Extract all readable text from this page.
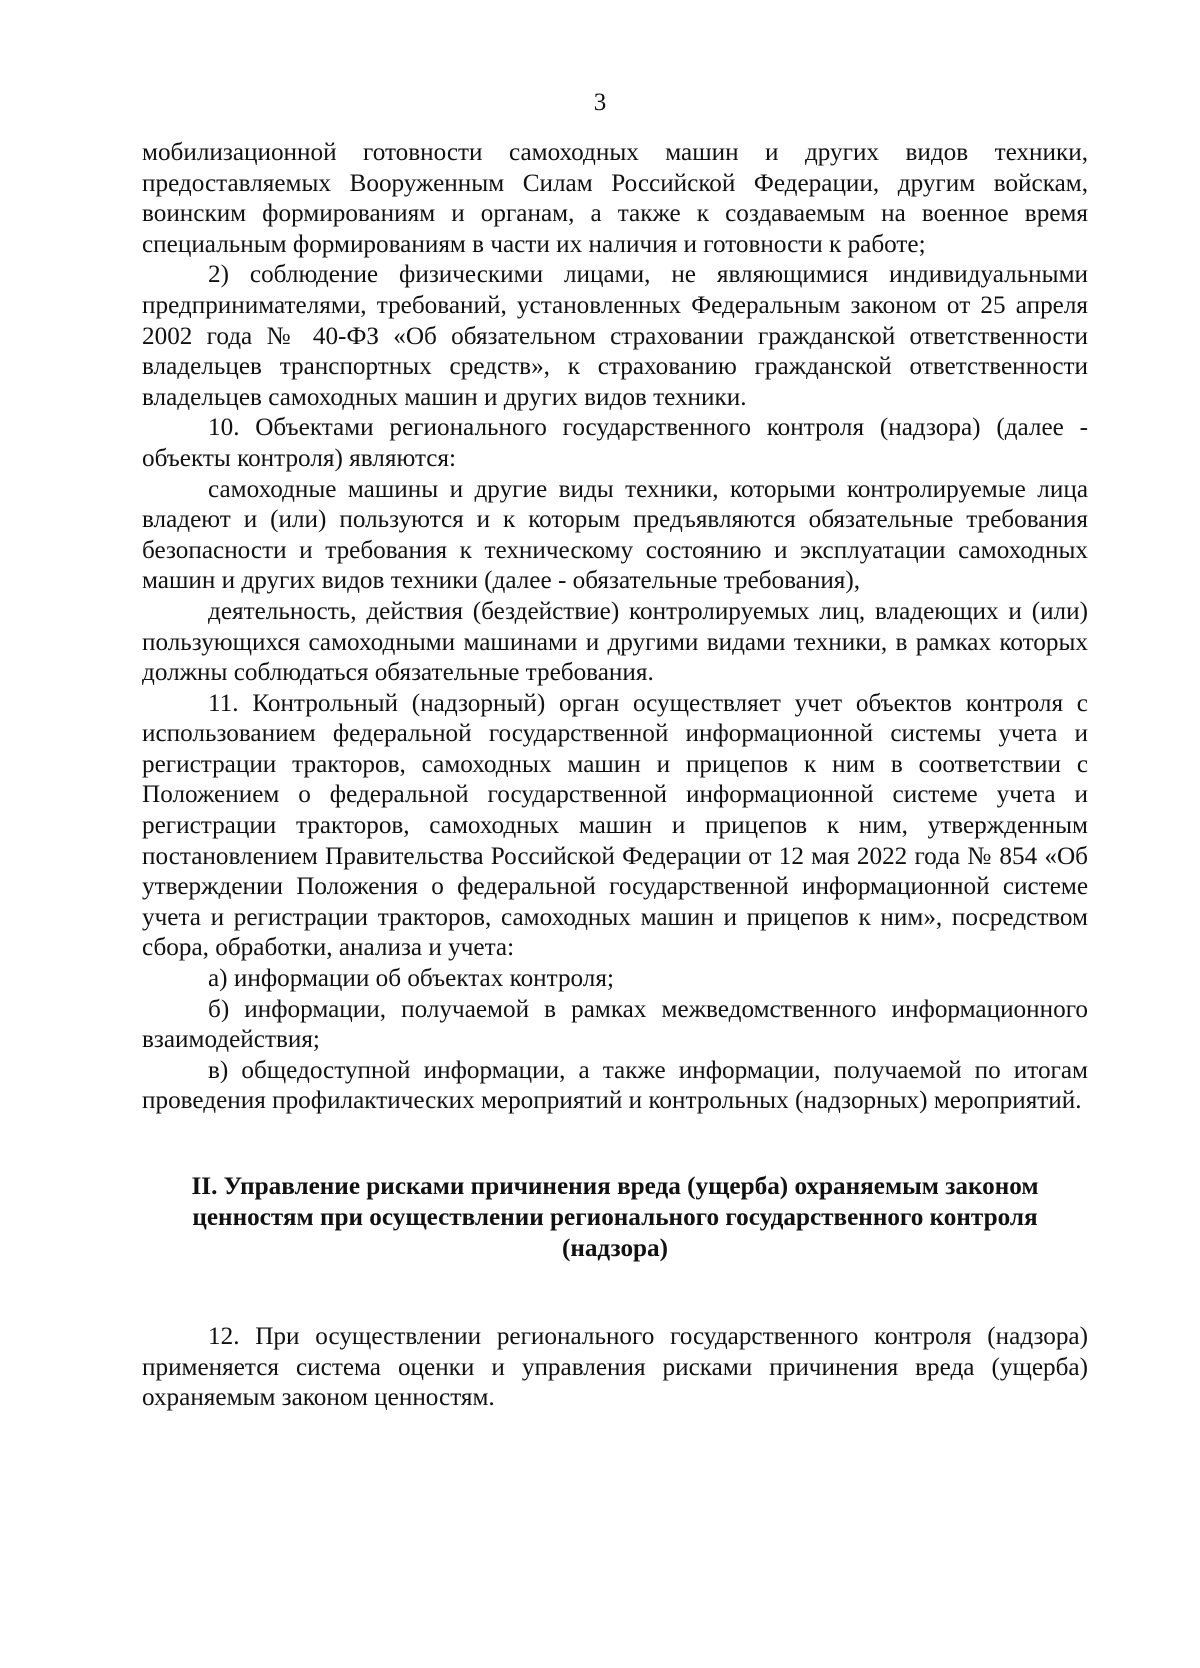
3

мобилизационной готовности самоходных машин и других видов техники, предоставляемых Вооруженным Силам Российской Федерации, другим войскам, воинским формированиям и органам, а также к создаваемым на военное время специальным формированиям в части их наличия и готовности к работе;

2) соблюдение физическими лицами, не являющимися индивидуальными предпринимателями, требований, установленных Федеральным законом от 25 апреля 2002 года № 40-ФЗ «Об обязательном страховании гражданской ответственности владельцев транспортных средств», к страхованию гражданской ответственности владельцев самоходных машин и других видов техники.

10. Объектами регионального государственного контроля (надзора) (далее - объекты контроля) являются:

самоходные машины и другие виды техники, которыми контролируемые лица владеют и (или) пользуются и к которым предъявляются обязательные требования безопасности и требования к техническому состоянию и эксплуатации самоходных машин и других видов техники (далее - обязательные требования),

деятельность, действия (бездействие) контролируемых лиц, владеющих и (или) пользующихся самоходными машинами и другими видами техники, в рамках которых должны соблюдаться обязательные требования.

11. Контрольный (надзорный) орган осуществляет учет объектов контроля с использованием федеральной государственной информационной системы учета и регистрации тракторов, самоходных машин и прицепов к ним в соответствии с Положением о федеральной государственной информационной системе учета и регистрации тракторов, самоходных машин и прицепов к ним, утвержденным постановлением Правительства Российской Федерации от 12 мая 2022 года № 854 «Об утверждении Положения о федеральной государственной информационной системе учета и регистрации тракторов, самоходных машин и прицепов к ним», посредством сбора, обработки, анализа и учета:

а) информации об объектах контроля;

б) информации, получаемой в рамках межведомственного информационного взаимодействия;

в) общедоступной информации, а также информации, получаемой по итогам проведения профилактических мероприятий и контрольных (надзорных) мероприятий.

II. Управление рисками причинения вреда (ущерба) охраняемым законом ценностям при осуществлении регионального государственного контроля (надзора)

12. При осуществлении регионального государственного контроля (надзора) применяется система оценки и управления рисками причинения вреда (ущерба) охраняемым законом ценностям.
